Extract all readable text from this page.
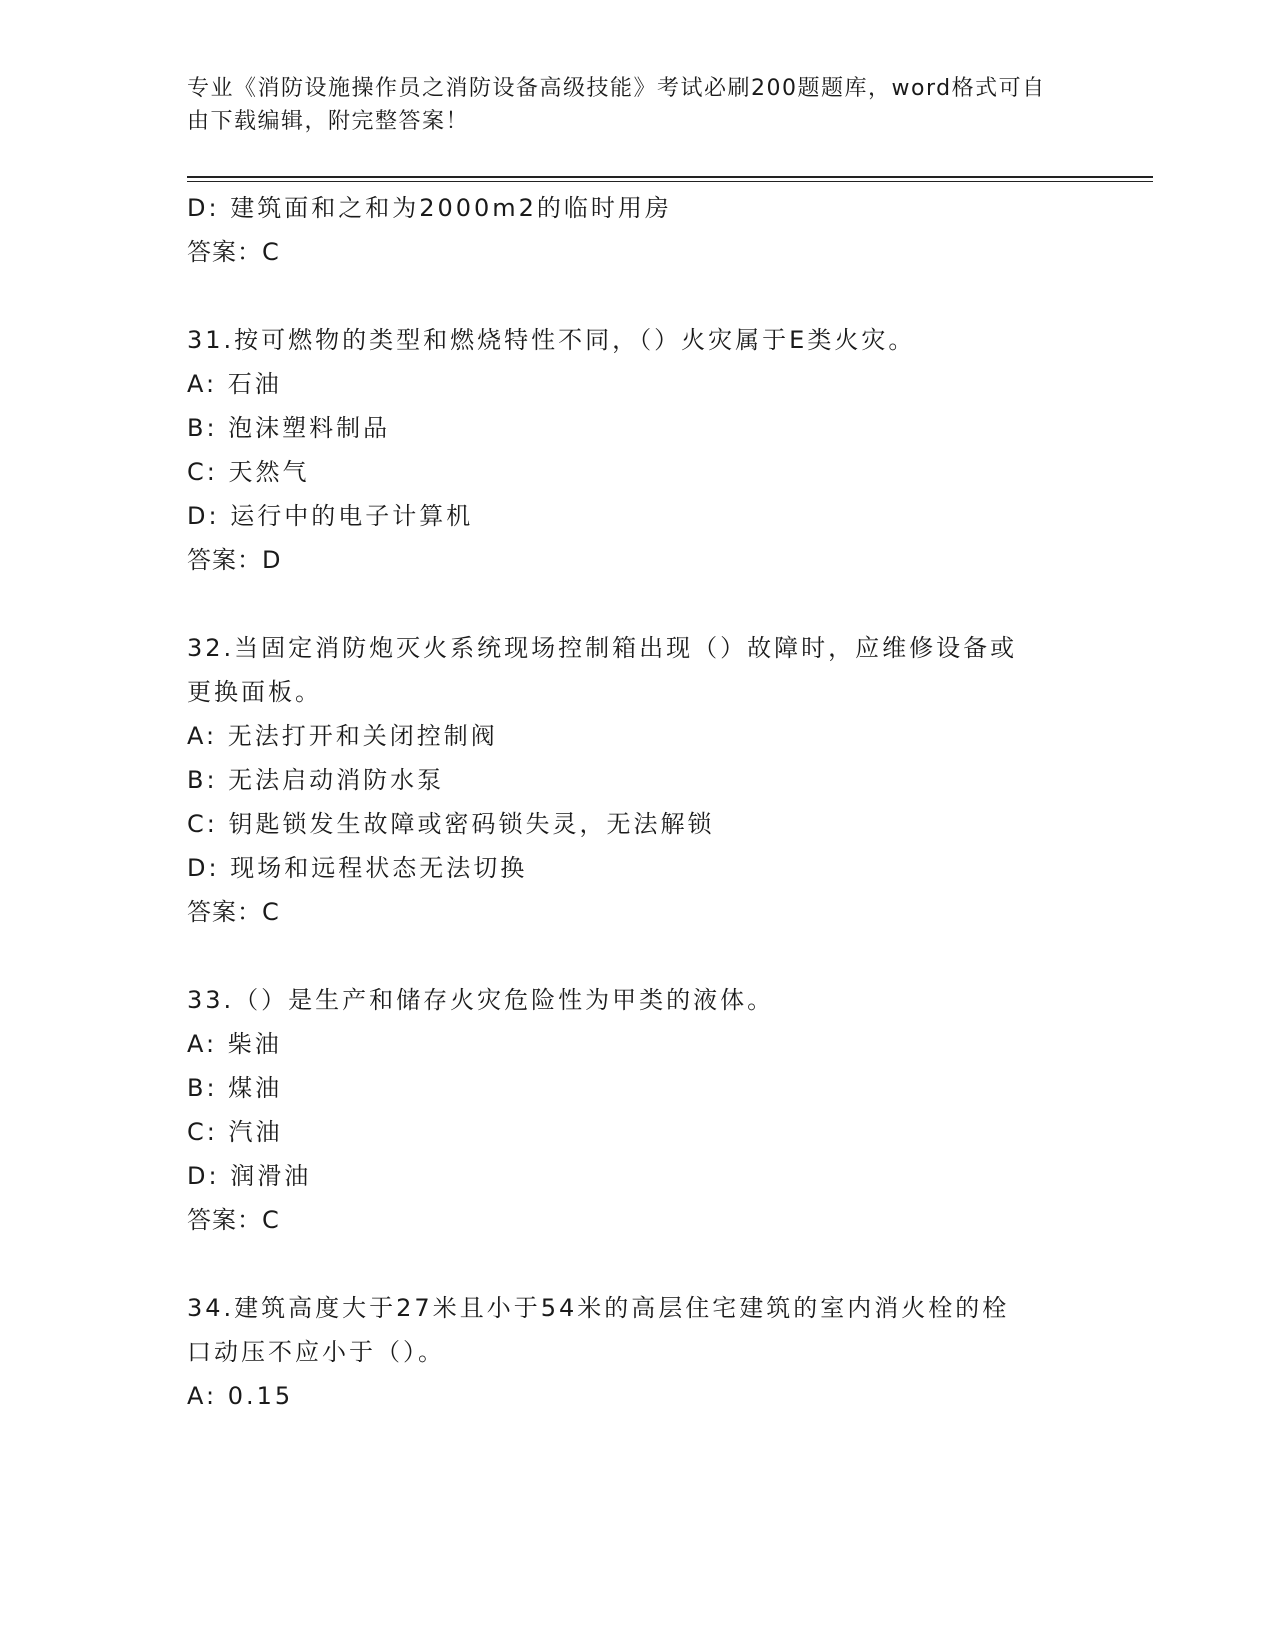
专业《消防设施操作员之消防设备高级技能》考试必刷200题题库，word格式可自由下载编辑，附完整答案！
D: 建筑面和之和为2000m2的临时用房
答案：C
31.按可燃物的类型和燃烧特性不同，（）火灾属于E类火灾。
A: 石油
B: 泡沫塑料制品
C: 天然气
D: 运行中的电子计算机
答案：D
32.当固定消防炮灭火系统现场控制箱出现（）故障时，应维修设备或
更换面板。
A: 无法打开和关闭控制阀
B: 无法启动消防水泵
C: 钥匙锁发生故障或密码锁失灵，无法解锁
D: 现场和远程状态无法切换
答案：C
33.（）是生产和储存火灾危险性为甲类的液体。
A: 柴油
B: 煤油
C: 汽油
D: 润滑油
答案：C
34.建筑高度大于27米且小于54米的高层住宅建筑的室内消火栓的栓
口动压不应小于（）。
A: 0.15
